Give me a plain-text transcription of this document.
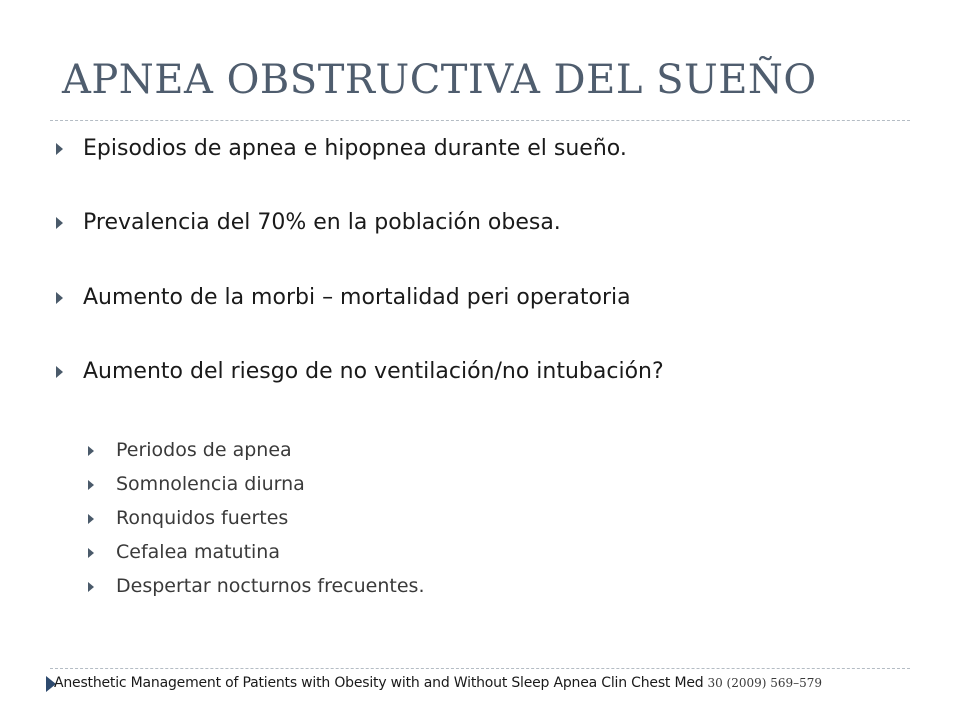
APNEA OBSTRUCTIVA DEL SUEÑO
Episodios de apnea e hipopnea durante el sueño.
Prevalencia del 70% en la población obesa.
Aumento de la morbi – mortalidad peri operatoria
Aumento del riesgo de no ventilación/no intubación?
Periodos de apnea
Somnolencia diurna
Ronquidos fuertes
Cefalea matutina
Despertar nocturnos frecuentes.
Anesthetic Management of Patients with Obesity with and Without Sleep Apnea Clin Chest Med 30 (2009) 569–579
